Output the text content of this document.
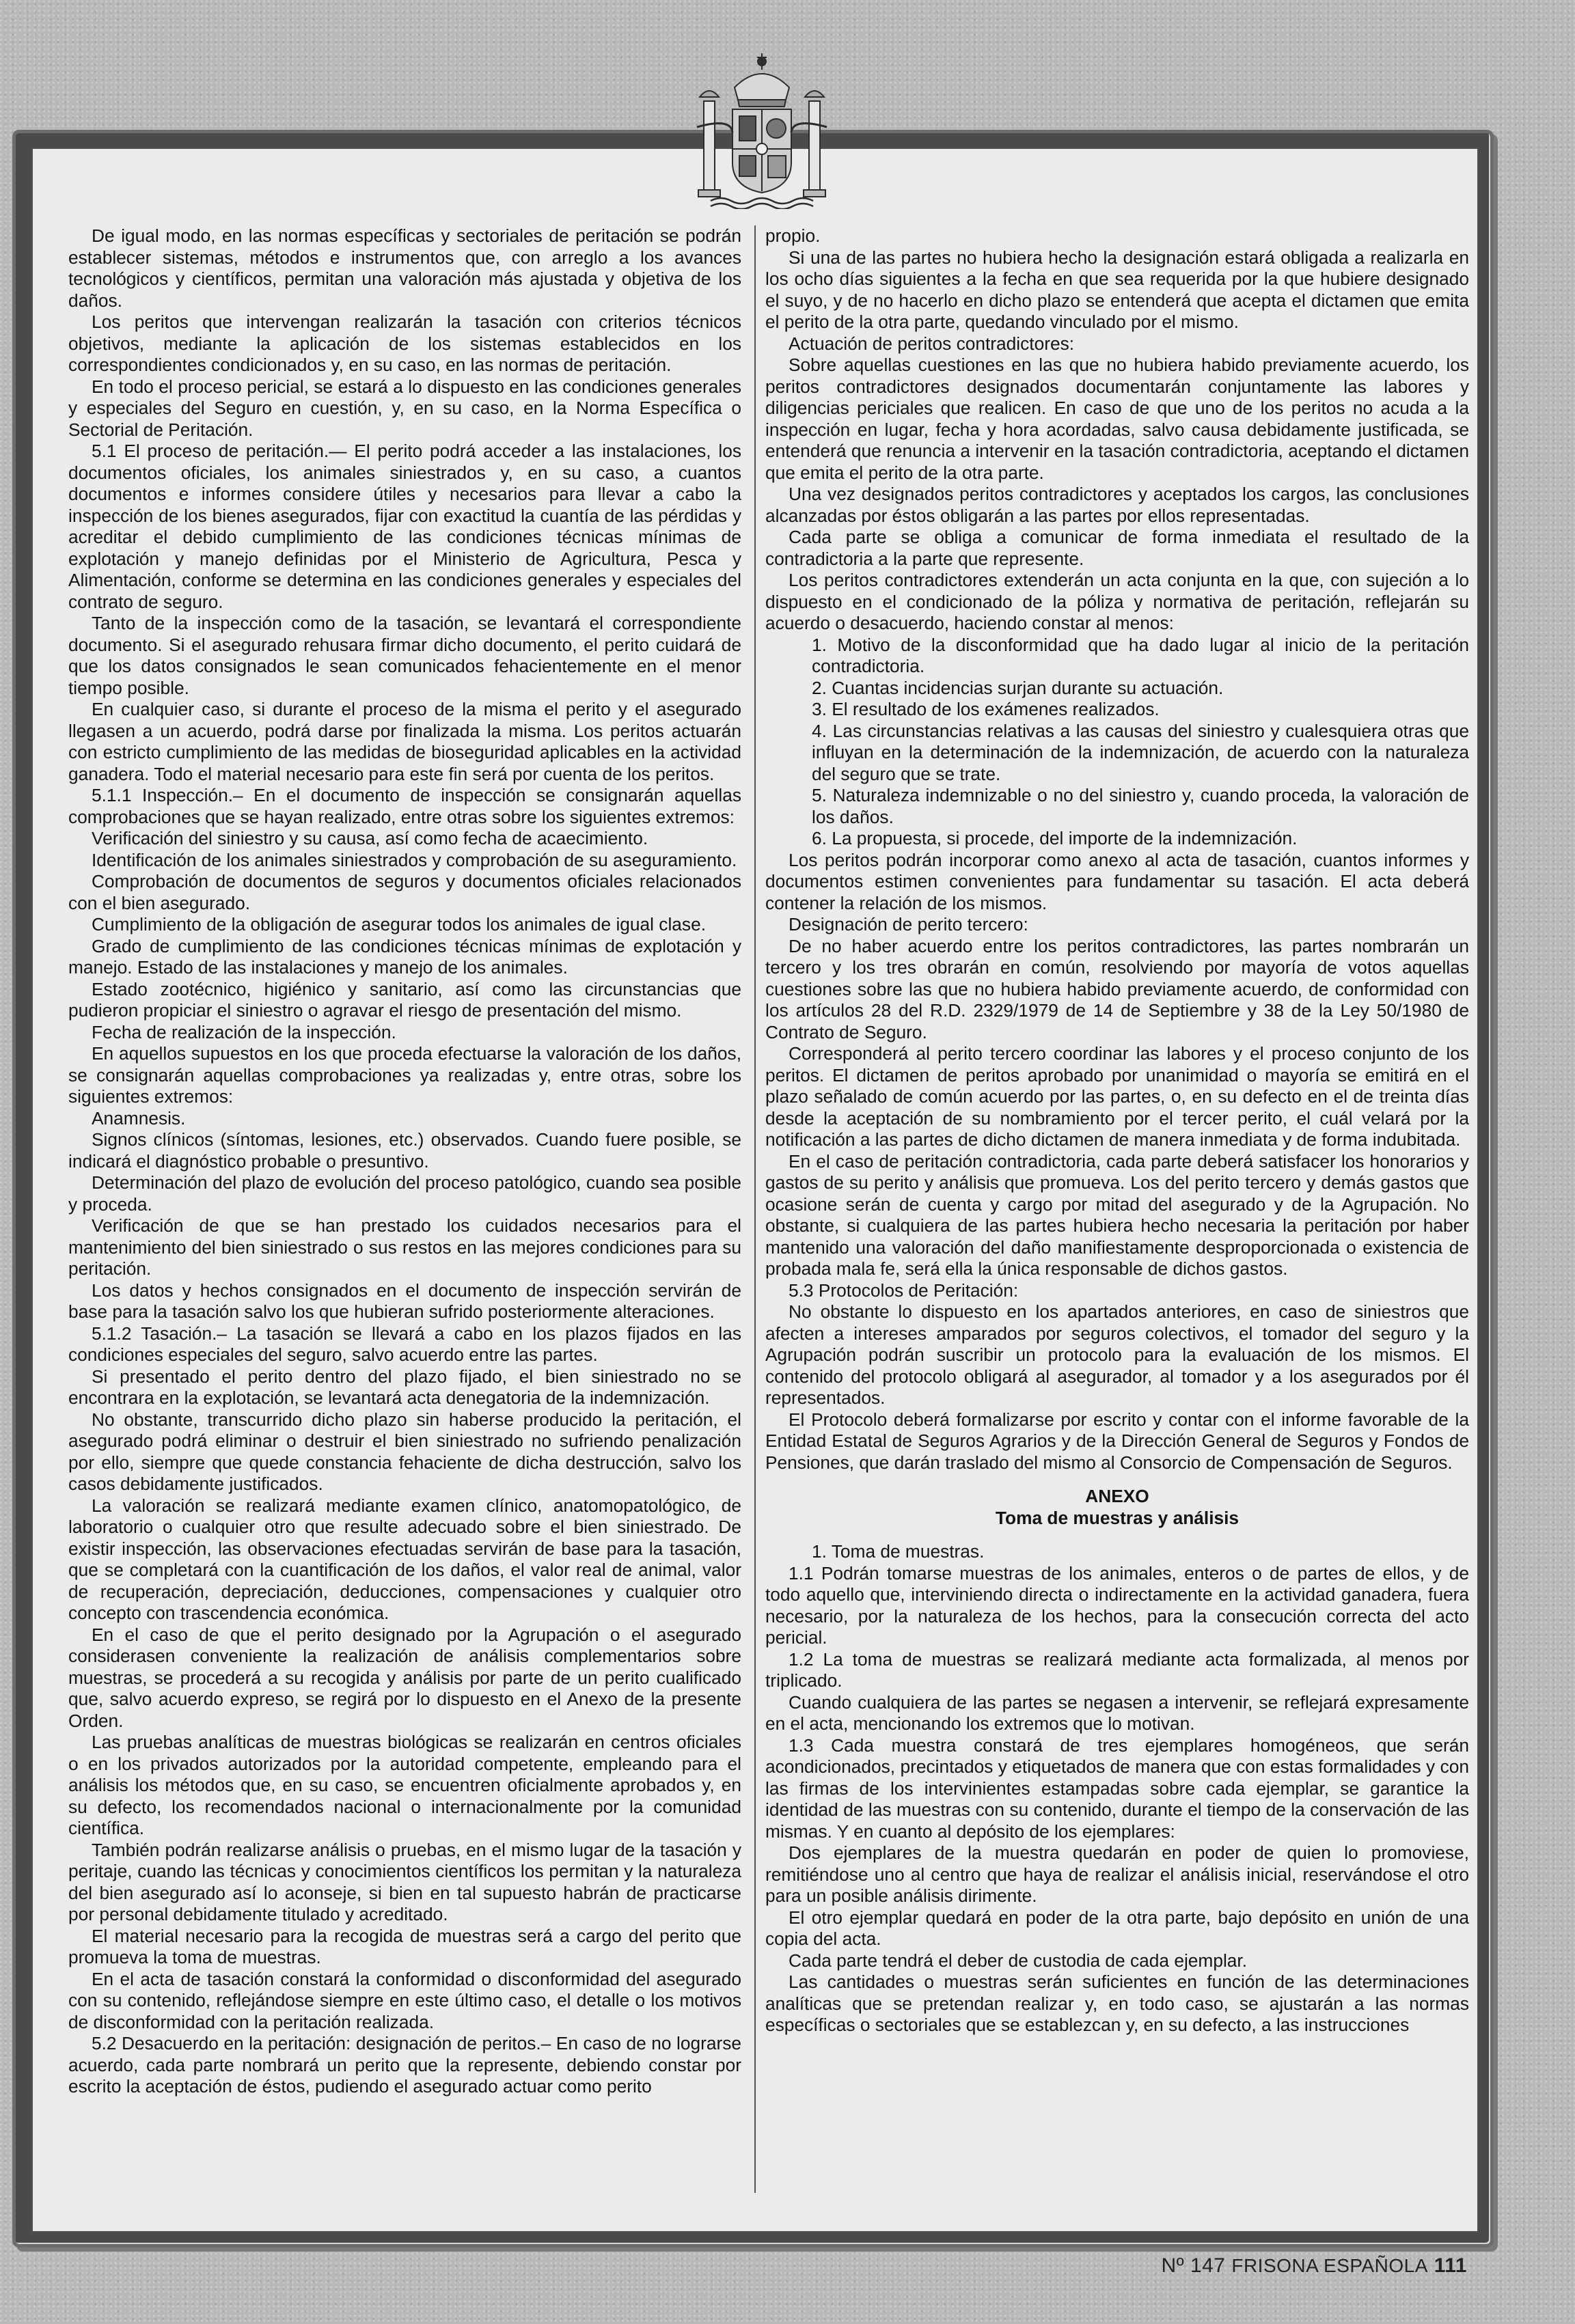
De igual modo, en las normas específicas y sectoriales de peritación se podrán establecer sistemas, métodos e instrumentos que, con arreglo a los avances tecnológicos y científicos, permitan una valoración más ajustada y objetiva de los daños.

Los peritos que intervengan realizarán la tasación con criterios técnicos objetivos, mediante la aplicación de los sistemas establecidos en los correspondientes condicionados y, en su caso, en las normas de peritación.

En todo el proceso pericial, se estará a lo dispuesto en las condiciones generales y especiales del Seguro en cuestión, y, en su caso, en la Norma Específica o Sectorial de Peritación.

5.1 El proceso de peritación.— El perito podrá acceder a las instalaciones, los documentos oficiales, los animales siniestrados y, en su caso, a cuantos documentos e informes considere útiles y necesarios para llevar a cabo la inspección de los bienes asegurados, fijar con exactitud la cuantía de las pérdidas y acreditar el debido cumplimiento de las condiciones técnicas mínimas de explotación y manejo definidas por el Ministerio de Agricultura, Pesca y Alimentación, conforme se determina en las condiciones generales y especiales del contrato de seguro.

Tanto de la inspección como de la tasación, se levantará el correspondiente documento. Si el asegurado rehusara firmar dicho documento, el perito cuidará de que los datos consignados le sean comunicados fehacientemente en el menor tiempo posible.

En cualquier caso, si durante el proceso de la misma el perito y el asegurado llegasen a un acuerdo, podrá darse por finalizada la misma. Los peritos actuarán con estricto cumplimiento de las medidas de bioseguridad aplicables en la actividad ganadera. Todo el material necesario para este fin será por cuenta de los peritos.

5.1.1 Inspección.– En el documento de inspección se consignarán aquellas comprobaciones que se hayan realizado, entre otras sobre los siguientes extremos:

Verificación del siniestro y su causa, así como fecha de acaecimiento.

Identificación de los animales siniestrados y comprobación de su aseguramiento.

Comprobación de documentos de seguros y documentos oficiales relacionados con el bien asegurado.

Cumplimiento de la obligación de asegurar todos los animales de igual clase.

Grado de cumplimiento de las condiciones técnicas mínimas de explotación y manejo. Estado de las instalaciones y manejo de los animales.

Estado zootécnico, higiénico y sanitario, así como las circunstancias que pudieron propiciar el siniestro o agravar el riesgo de presentación del mismo.

Fecha de realización de la inspección.

En aquellos supuestos en los que proceda efectuarse la valoración de los daños, se consignarán aquellas comprobaciones ya realizadas y, entre otras, sobre los siguientes extremos:

Anamnesis.

Signos clínicos (síntomas, lesiones, etc.) observados. Cuando fuere posible, se indicará el diagnóstico probable o presuntivo.

Determinación del plazo de evolución del proceso patológico, cuando sea posible y proceda.

Verificación de que se han prestado los cuidados necesarios para el mantenimiento del bien siniestrado o sus restos en las mejores condiciones para su peritación.

Los datos y hechos consignados en el documento de inspección servirán de base para la tasación salvo los que hubieran sufrido posteriormente alteraciones.

5.1.2 Tasación.– La tasación se llevará a cabo en los plazos fijados en las condiciones especiales del seguro, salvo acuerdo entre las partes.

Si presentado el perito dentro del plazo fijado, el bien siniestrado no se encontrara en la explotación, se levantará acta denegatoria de la indemnización.

No obstante, transcurrido dicho plazo sin haberse producido la peritación, el asegurado podrá eliminar o destruir el bien siniestrado no sufriendo penalización por ello, siempre que quede constancia fehaciente de dicha destrucción, salvo los casos debidamente justificados.

La valoración se realizará mediante examen clínico, anatomopatológico, de laboratorio o cualquier otro que resulte adecuado sobre el bien siniestrado. De existir inspección, las observaciones efectuadas servirán de base para la tasación, que se completará con la cuantificación de los daños, el valor real de animal, valor de recuperación, depreciación, deducciones, compensaciones y cualquier otro concepto con trascendencia económica.

En el caso de que el perito designado por la Agrupación o el asegurado considerasen conveniente la realización de análisis complementarios sobre muestras, se procederá a su recogida y análisis por parte de un perito cualificado que, salvo acuerdo expreso, se regirá por lo dispuesto en el Anexo de la presente Orden.

Las pruebas analíticas de muestras biológicas se realizarán en centros oficiales o en los privados autorizados por la autoridad competente, empleando para el análisis los métodos que, en su caso, se encuentren oficialmente aprobados y, en su defecto, los recomendados nacional o internacionalmente por la comunidad científica.

También podrán realizarse análisis o pruebas, en el mismo lugar de la tasación y peritaje, cuando las técnicas y conocimientos científicos los permitan y la naturaleza del bien asegurado así lo aconseje, si bien en tal supuesto habrán de practicarse por personal debidamente titulado y acreditado.

El material necesario para la recogida de muestras será a cargo del perito que promueva la toma de muestras.

En el acta de tasación constará la conformidad o disconformidad del asegurado con su contenido, reflejándose siempre en este último caso, el detalle o los motivos de disconformidad con la peritación realizada.

5.2 Desacuerdo en la peritación: designación de peritos.– En caso de no lograrse acuerdo, cada parte nombrará un perito que la represente, debiendo constar por escrito la aceptación de éstos, pudiendo el asegurado actuar como perito

propio.

Si una de las partes no hubiera hecho la designación estará obligada a realizarla en los ocho días siguientes a la fecha en que sea requerida por la que hubiere designado el suyo, y de no hacerlo en dicho plazo se entenderá que acepta el dictamen que emita el perito de la otra parte, quedando vinculado por el mismo.

Actuación de peritos contradictores:

Sobre aquellas cuestiones en las que no hubiera habido previamente acuerdo, los peritos contradictores designados documentarán conjuntamente las labores y diligencias periciales que realicen. En caso de que uno de los peritos no acuda a la inspección en lugar, fecha y hora acordadas, salvo causa debidamente justificada, se entenderá que renuncia a intervenir en la tasación contradictoria, aceptando el dictamen que emita el perito de la otra parte.

Una vez designados peritos contradictores y aceptados los cargos, las conclusiones alcanzadas por éstos obligarán a las partes por ellos representadas.

Cada parte se obliga a comunicar de forma inmediata el resultado de la contradictoria a la parte que represente.

Los peritos contradictores extenderán un acta conjunta en la que, con sujeción a lo dispuesto en el condicionado de la póliza y normativa de peritación, reflejarán su acuerdo o desacuerdo, haciendo constar al menos:

1. Motivo de la disconformidad que ha dado lugar al inicio de la peritación contradictoria.

2. Cuantas incidencias surjan durante su actuación.

3. El resultado de los exámenes realizados.

4. Las circunstancias relativas a las causas del siniestro y cualesquiera otras que influyan en la determinación de la indemnización, de acuerdo con la naturaleza del seguro que se trate.

5. Naturaleza indemnizable o no del siniestro y, cuando proceda, la valoración de los daños.

6. La propuesta, si procede, del importe de la indemnización.

Los peritos podrán incorporar como anexo al acta de tasación, cuantos informes y documentos estimen convenientes para fundamentar su tasación. El acta deberá contener la relación de los mismos.

Designación de perito tercero:

De no haber acuerdo entre los peritos contradictores, las partes nombrarán un tercero y los tres obrarán en común, resolviendo por mayoría de votos aquellas cuestiones sobre las que no hubiera habido previamente acuerdo, de conformidad con los artículos 28 del R.D. 2329/1979 de 14 de Septiembre y 38 de la Ley 50/1980 de Contrato de Seguro.

Corresponderá al perito tercero coordinar las labores y el proceso conjunto de los peritos. El dictamen de peritos aprobado por unanimidad o mayoría se emitirá en el plazo señalado de común acuerdo por las partes, o, en su defecto en el de treinta días desde la aceptación de su nombramiento por el tercer perito, el cuál velará por la notificación a las partes de dicho dictamen de manera inmediata y de forma indubitada.

En el caso de peritación contradictoria, cada parte deberá satisfacer los honorarios y gastos de su perito y análisis que promueva. Los del perito tercero y demás gastos que ocasione serán de cuenta y cargo por mitad del asegurado y de la Agrupación. No obstante, si cualquiera de las partes hubiera hecho necesaria la peritación por haber mantenido una valoración del daño manifiestamente desproporcionada o existencia de probada mala fe, será ella la única responsable de dichos gastos.

5.3 Protocolos de Peritación:

No obstante lo dispuesto en los apartados anteriores, en caso de siniestros que afecten a intereses amparados por seguros colectivos, el tomador del seguro y la Agrupación podrán suscribir un protocolo para la evaluación de los mismos. El contenido del protocolo obligará al asegurador, al tomador y a los asegurados por él representados.

El Protocolo deberá formalizarse por escrito y contar con el informe favorable de la Entidad Estatal de Seguros Agrarios y de la Dirección General de Seguros y Fondos de Pensiones, que darán traslado del mismo al Consorcio de Compensación de Seguros.

ANEXO

Toma de muestras y análisis

1. Toma de muestras.

1.1 Podrán tomarse muestras de los animales, enteros o de partes de ellos, y de todo aquello que, interviniendo directa o indirectamente en la actividad ganadera, fuera necesario, por la naturaleza de los hechos, para la consecución correcta del acto pericial.

1.2 La toma de muestras se realizará mediante acta formalizada, al menos por triplicado.

Cuando cualquiera de las partes se negasen a intervenir, se reflejará expresamente en el acta, mencionando los extremos que lo motivan.

1.3 Cada muestra constará de tres ejemplares homogéneos, que serán acondicionados, precintados y etiquetados de manera que con estas formalidades y con las firmas de los intervinientes estampadas sobre cada ejemplar, se garantice la identidad de las muestras con su contenido, durante el tiempo de la conservación de las mismas. Y en cuanto al depósito de los ejemplares:

Dos ejemplares de la muestra quedarán en poder de quien lo promoviese, remitiéndose uno al centro que haya de realizar el análisis inicial, reservándose el otro para un posible análisis dirimente.

El otro ejemplar quedará en poder de la otra parte, bajo depósito en unión de una copia del acta.

Cada parte tendrá el deber de custodia de cada ejemplar.

Las cantidades o muestras serán suficientes en función de las determinaciones analíticas que se pretendan realizar y, en todo caso, se ajustarán a las normas específicas o sectoriales que se establezcan y, en su defecto, a las instrucciones

Nº 147 FRISONA ESPAÑOLA 111
